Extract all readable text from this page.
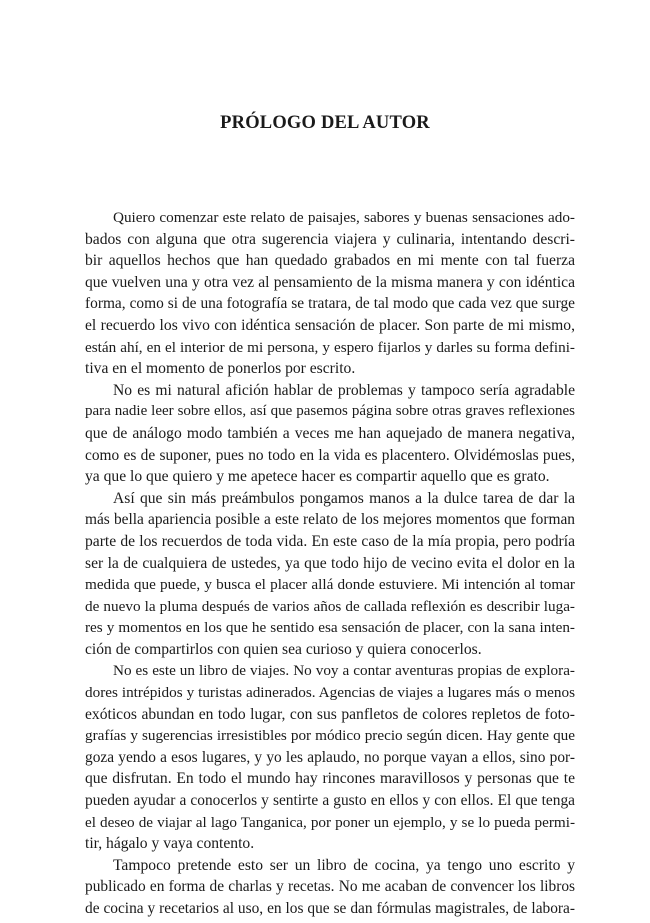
PRÓLOGO DEL AUTOR
Quiero comenzar este relato de paisajes, sabores y buenas sensaciones ado-
bados con alguna que otra sugerencia viajera y culinaria, intentando descri-
bir aquellos hechos que han quedado grabados en mi mente con tal fuerza
que vuelven una y otra vez al pensamiento de la misma manera y con idéntica
forma, como si de una fotografía se tratara, de tal modo que cada vez que surge
el recuerdo los vivo con idéntica sensación de placer. Son parte de mi mismo,
están ahí, en el interior de mi persona, y espero fijarlos y darles su forma defini-
tiva en el momento de ponerlos por escrito.
No es mi natural afición hablar de problemas y tampoco sería agradable
para nadie leer sobre ellos, así que pasemos página sobre otras graves reflexiones
que de análogo modo también a veces me han aquejado de manera negativa,
como es de suponer, pues no todo en la vida es placentero. Olvidémoslas pues,
ya que lo que quiero y me apetece hacer es compartir aquello que es grato.
Así que sin más preámbulos pongamos manos a la dulce tarea de dar la
más bella apariencia posible a este relato de los mejores momentos que forman
parte de los recuerdos de toda vida. En este caso de la mía propia, pero podría
ser la de cualquiera de ustedes, ya que todo hijo de vecino evita el dolor en la
medida que puede, y busca el placer allá donde estuviere. Mi intención al tomar
de nuevo la pluma después de varios años de callada reflexión es describir luga-
res y momentos en los que he sentido esa sensación de placer, con la sana inten-
ción de compartirlos con quien sea curioso y quiera conocerlos.
No es este un libro de viajes. No voy a contar aventuras propias de explora-
dores intrépidos y turistas adinerados. Agencias de viajes a lugares más o menos
exóticos abundan en todo lugar, con sus panfletos de colores repletos de foto-
grafías y sugerencias irresistibles por módico precio según dicen. Hay gente que
goza yendo a esos lugares, y yo les aplaudo, no porque vayan a ellos, sino por-
que disfrutan. En todo el mundo hay rincones maravillosos y personas que te
pueden ayudar a conocerlos y sentirte a gusto en ellos y con ellos. El que tenga
el deseo de viajar al lago Tanganica, por poner un ejemplo, y se lo pueda permi-
tir, hágalo y vaya contento.
Tampoco pretende esto ser un libro de cocina, ya tengo uno escrito y
publicado en forma de charlas y recetas. No me acaban de convencer los libros
de cocina y recetarios al uso, en los que se dan fórmulas magistrales, de labora-
